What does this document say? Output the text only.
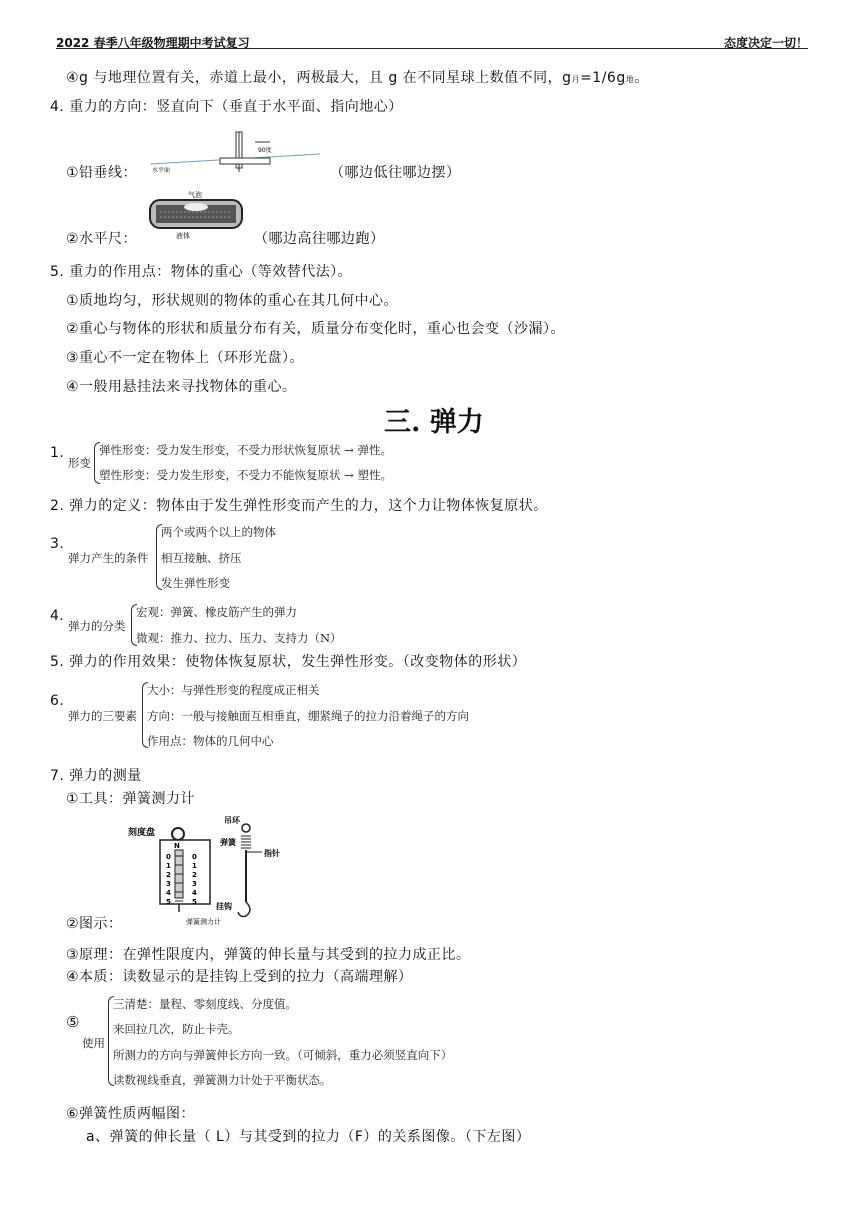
2022 春季八年级物理期中考试复习	态度决定一切！
④g 与地理位置有关，赤道上最小，两极最大，且 g 在不同星球上数值不同，g月=1/6g地。
4. 重力的方向：竖直向下（垂直于水平面、指向地心）
①铅垂线：
90度
水平面	（哪边低往哪边摆）
气泡
液体
②水平尺：	（哪边高往哪边跑）
5. 重力的作用点：物体的重心（等效替代法）。
①质地均匀，形状规则的物体的重心在其几何中心。
②重心与物体的形状和质量分布有关，质量分布变化时，重心也会变（沙漏）。
③重心不一定在物体上（环形光盘）。
④一般用悬挂法来寻找物体的重心。
三. 弹力
1.
形变
弹性形变：受力发生形变，不受力形状恢复原状 → 弹性。
塑性形变：受力发生形变，不受力不能恢复原状 → 塑性。
2. 弹力的定义：物体由于发生弹性形变而产生的力，这个力让物体恢复原状。
3.
弹力产生的条件
两个或两个以上的物体
相互接触、挤压
发生弹性形变
4.
弹力的分类
宏观：弹簧、橡皮筋产生的弹力
微观：推力、拉力、压力、支持力（N）
5. 弹力的作用效果：使物体恢复原状，发生弹性形变。（改变物体的形状）
6.
弹力的三要素
大小：与弹性形变的程度成正相关
方向：一般与接触面互相垂直，绷紧绳子的拉力沿着绳子的方向
作用点：物体的几何中心
7. 弹力的测量
①工具：弹簧测力计
刻度盘
N
0	0
1	1
2	2
3	3
4	4
5	5
弹簧测力计
吊环
弹簧
指针
挂钩
②图示：
③原理：在弹性限度内，弹簧的伸长量与其受到的拉力成正比。
④本质：读数显示的是挂钩上受到的拉力（高端理解）
⑤
使用
三清楚：量程、零刻度线、分度值。
来回拉几次，防止卡壳。
所测力的方向与弹簧伸长方向一致。（可倾斜，重力必须竖直向下）
读数视线垂直，弹簧测力计处于平衡状态。
⑥弹簧性质两幅图：
a、弹簧的伸长量（ L）与其受到的拉力（F）的关系图像。（下左图）
